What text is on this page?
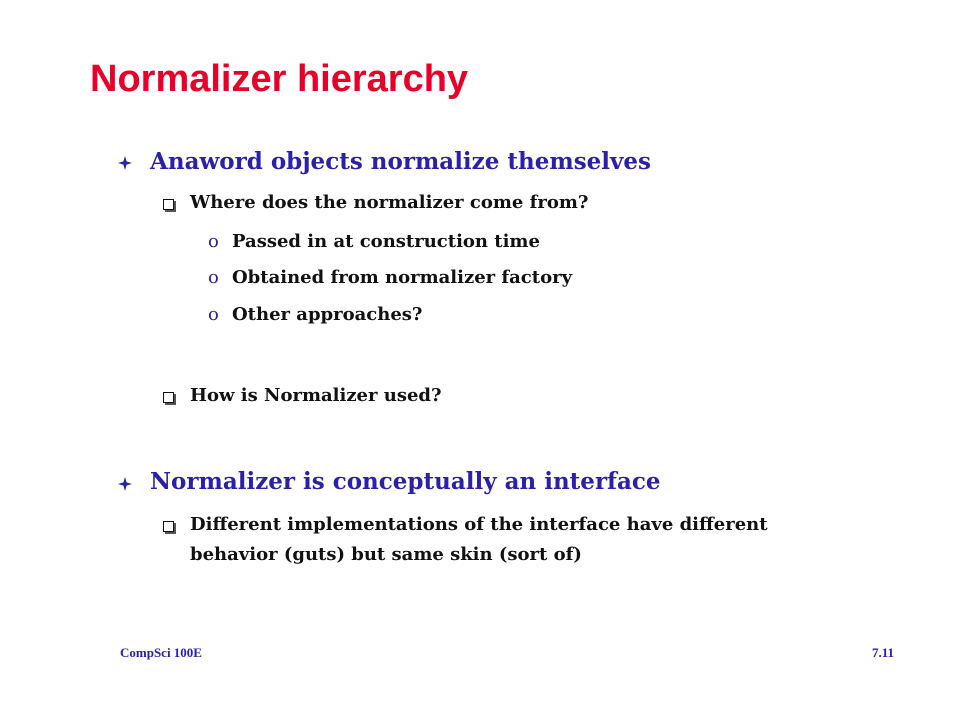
Normalizer hierarchy
Anaword objects normalize themselves
Where does the normalizer come from?
o Passed in at construction time
o Obtained from normalizer factory
o Other approaches?
How is Normalizer used?
Normalizer is conceptually an interface
Different implementations of the interface have different
behavior (guts) but same skin (sort of)
CompSci 100E	7.11
